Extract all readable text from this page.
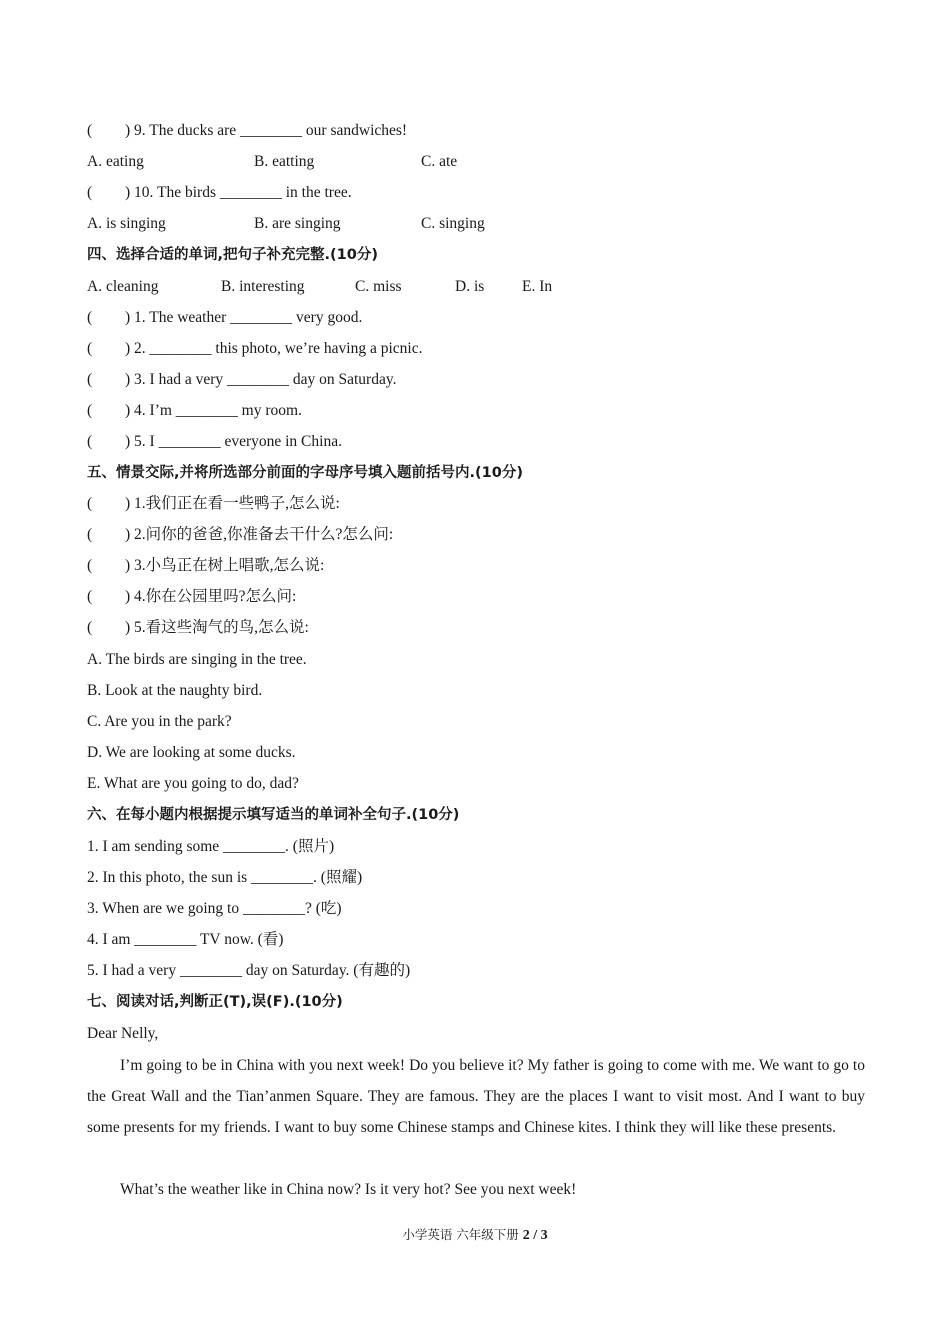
( ) 9. The ducks are ________ our sandwiches!
A. eating	B. eatting	C. ate
( ) 10. The birds ________ in the tree.
A. is singing	B. are singing	C. singing
四、选择合适的单词,把句子补充完整.(10分)
A. cleaning	B. interesting	C. miss	D. is E. In
( ) 1. The weather ________ very good.
( ) 2. ________ this photo, we’re having a picnic.
( ) 3. I had a very ________ day on Saturday.
( ) 4. I’m ________ my room.
( ) 5. I ________ everyone in China.
五、情景交际,并将所选部分前面的字母序号填入题前括号内.(10分)
( ) 1.我们正在看一些鸭子,怎么说:
( ) 2.问你的爸爸,你准备去干什么?怎么问:
( ) 3.小鸟正在树上唱歌,怎么说:
( ) 4.你在公园里吗?怎么问:
( ) 5.看这些淘气的鸟,怎么说:
A. The birds are singing in the tree.
B. Look at the naughty bird.
C. Are you in the park?
D. We are looking at some ducks.
E. What are you going to do, dad?
六、在每小题内根据提示填写适当的单词补全句子.(10分)
1. I am sending some ________. (照片)
2. In this photo, the sun is ________. (照耀)
3. When are we going to ________? (吃)
4. I am ________ TV now. (看)
5. I had a very ________ day on Saturday. (有趣的)
七、阅读对话,判断正(T),误(F).(10分)
Dear Nelly,
I’m going to be in China with you next week! Do you believe it? My father is going to come with me. We want to go to the Great Wall and the Tian’anmen Square. They are famous. They are the places I want to visit most. And I want to buy some presents for my friends. I want to buy some Chinese stamps and Chinese kites. I think they will like these presents.
What’s the weather like in China now? Is it very hot? See you next week!
小学英语 六年级下册 2 / 3
